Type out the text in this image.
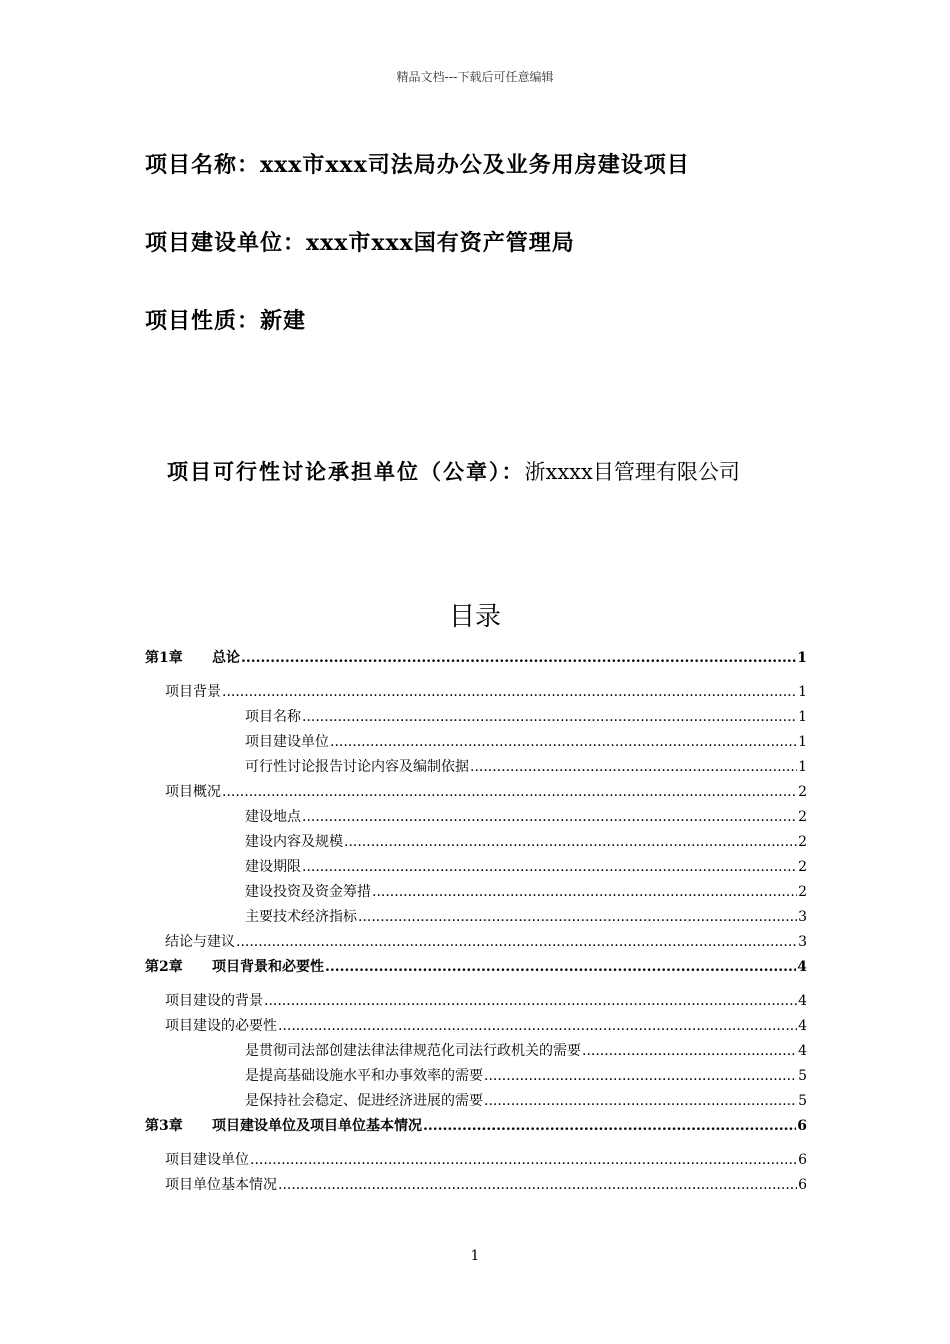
精品文档---下载后可任意编辑
项目名称：xxx市xxx司法局办公及业务用房建设项目
项目建设单位：xxx市xxx国有资产管理局
项目性质：新建
项目可行性讨论承担单位（公章）：浙xxxx目管理有限公司
目录
第1章 总论 .....	1
项目背景 .....	1
项目名称 .....	1
项目建设单位 .....	1
可行性讨论报告讨论内容及编制依据 .....	1
项目概况 .....	2
建设地点 .....	2
建设内容及规模 .....	2
建设期限 .....	2
建设投资及资金筹措 .....	2
主要技术经济指标 .....	3
结论与建议 .....	3
第2章 项目背景和必要性 .....	4
项目建设的背景 .....	4
项目建设的必要性 .....	4
是贯彻司法部创建法律法律规范化司法行政机关的需要 .....	4
是提高基础设施水平和办事效率的需要 .....	5
是保持社会稳定、促进经济进展的需要 .....	5
第3章 项目建设单位及项目单位基本情况 .....	6
项目建设单位 .....	6
项目单位基本情况 .....	6
1
